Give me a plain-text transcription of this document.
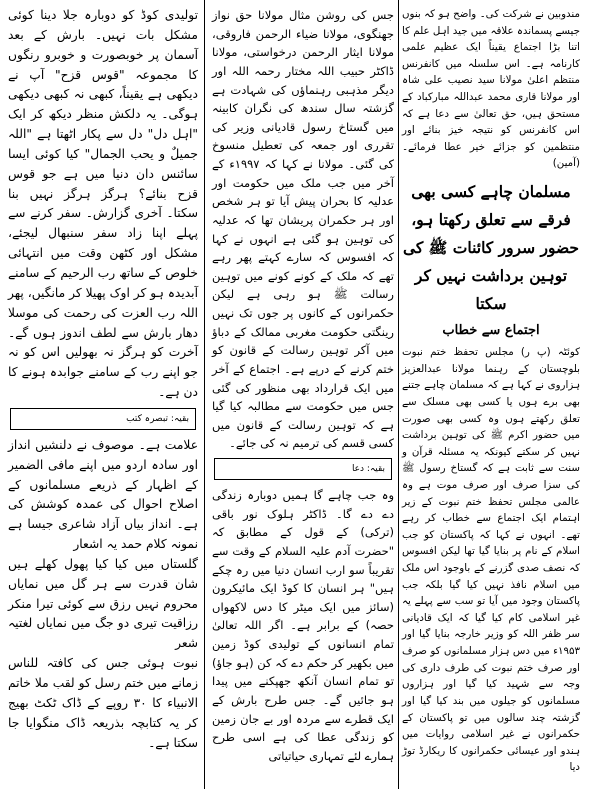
مندوبین نے شرکت کی۔ واضح ہو کہ بنوں جیسے پسماندہ علاقہ میں جید اہل علم کا اتنا بڑا اجتماع یقیناً ایک عظیم علمی کارنامہ ہے۔ اس سلسلہ میں کانفرنس منتظم اعلیٰ مولانا سید نصیب علی شاہ اور مولانا قاری محمد عبداللہ مبارکباد کے مستحق ہیں، حق تعالیٰ سے دعا ہے کہ اس کانفرنس کو نتیجہ خیز بنائے اور منتظمین کو جزائے خیر عطا فرمائے۔ (آمین)

مسلمان چاہے کسی بھی فرقے سے تعلق رکھتا ہو، حضور سرور کائنات ﷺ کی توہین برداشت نہیں کر سکتا
اجتماع سے خطاب

کوئٹہ (پ ر) مجلس تحفظ ختم نبوت بلوچستان کے رہنما مولانا عبدالعزیز ہزاروی نے کہا ہے کہ مسلمان چاہے جتنے بھی برے ہوں یا کسی بھی مسلک سے تعلق رکھتے ہوں وہ کسی بھی صورت میں حضور اکرم ﷺ کی توہین برداشت نہیں کر سکتے کیونکہ یہ مسئلہ قرآن و سنت سے ثابت ہے کہ گستاخ رسول ﷺ کی سزا صرف اور صرف موت ہے وہ عالمی مجلس تحفظ ختم نبوت کے زیر اہتمام ایک اجتماع سے خطاب کر رہے تھے۔ انہوں نے کہا کہ پاکستان کو جب اسلام کے نام پر بنایا گیا تھا لیکن افسوس کہ نصف صدی گزرنے کے باوجود اس ملک میں اسلام نافذ نہیں کیا گیا بلکہ جب پاکستان وجود میں آیا تو سب سے پہلے یہ غیر اسلامی کام کیا گیا کہ ایک قادیانی سر ظفر اللہ کو وزیر خارجہ بنایا گیا اور ۱۹۵۳ء میں دس ہزار مسلمانوں کو صرف اور صرف ختم نبوت کی طرف داری کی وجہ سے شہید کیا گیا اور ہزاروں مسلمانوں کو جیلوں میں بند کیا گیا اور گزشتہ چند سالوں میں تو پاکستان کے حکمرانوں نے غیر اسلامی روایات میں ہندو اور عیسائی حکمرانوں کا ریکارڈ توڑ دیا

جس کی روشن مثال مولانا حق نواز جھنگوی، مولانا ضیاء الرحمن فاروقی، مولانا ایثار الرحمن درخواستی، مولانا ڈاکٹر حبیب اللہ مختار رحمہ اللہ اور دیگر مذہبی رہنماؤں کی شہادت ہے گزشتہ سال سندھ کی نگران کابینہ میں گستاخ رسول قادیانی وزیر کی تقرری اور جمعہ کی تعطیل منسوخ کی گئی۔ مولانا نے کہا کہ ۱۹۹۷ء کے آخر میں جب ملک میں حکومت اور عدلیہ کا بحران پیش آیا تو ہر شخص اور ہر حکمران پریشان تھا کہ عدلیہ کی توہین ہو گئی ہے انہوں نے کہا کہ افسوس کہ سارے کہتے پھر رہے تھے کہ ملک کے کونے کونے میں توہین رسالت ﷺ ہو رہی ہے لیکن حکمرانوں کے کانوں پر جوں تک نہیں رینگتی حکومت مغربی ممالک کے دباؤ میں آکر توہین رسالت کے قانون کو ختم کرنے کے درپے ہے۔ اجتماع کے آخر میں ایک قرارداد بھی منظور کی گئی جس میں حکومت سے مطالبہ کیا گیا ہے کہ توہین رسالت کے قانون میں کسی قسم کی ترمیم نہ کی جائے۔

بقیہ: دعا

وہ جب چاہے گا ہمیں دوبارہ زندگی دے دے گا۔ ڈاکٹر ہلوک نور باقی (ترکی) کے قول کے مطابق کہ "حضرت آدم علیہ السلام کے وقت سے تقریباً سو ارب انسان دنیا میں رہ چکے ہیں" ہر انسان کا کوڈ ایک مائیکرون (سائز میں ایک میٹر کا دس لاکھواں حصہ) کے برابر ہے۔ اگر اللہ تعالیٰ تمام انسانوں کے تولیدی کوڈ زمین میں بکھیر کر حکم دے کہ کن (ہو جاؤ) تو تمام انسان آنکھ جھپکنے میں پیدا ہو جائیں گے۔ جس طرح بارش کے ایک قطرے سے مردہ اور بے جان زمین کو زندگی عطا کی ہے اسی طرح ہمارے لئے تمہاری حیاتیاتی

تولیدی کوڈ کو دوبارہ جلا دینا کوئی مشکل بات نہیں۔ بارش کے بعد آسمان پر خوبصورت و خوبرو رنگوں کا مجموعہ "قوس قزح" آپ نے دیکھی ہے یقیناً، کبھی نہ کبھی دیکھی ہوگی۔ یہ دلکش منظر دیکھ کر ایک "اہل دل" دل سے پکار اٹھتا ہے "اللہ جمیلٌ و یحب الجمال" کیا کوئی ایسا سائنس دان دنیا میں ہے جو قوس قزح بنائے؟ ہرگز ہرگز نہیں بنا سکتا۔ آخری گزارش۔ سفر کرنے سے پہلے اپنا زاد سفر سنبھال لیجئے، مشکل اور کٹھن وقت میں انتہائی خلوص کے ساتھ رب الرحیم کے سامنے آبدیدہ ہو کر اوک پھیلا کر مانگیں، پھر اللہ رب العزت کی رحمت کی موسلا دھار بارش سے لطف اندوز ہوں گے۔ آخرت کو ہرگز نہ بھولیں اس کو نہ جو اپنے رب کے سامنے جوابدہ ہونے کا دن ہے۔

بقیہ: تبصرہ کتب

علامت ہے۔ موصوف نے دلنشیں انداز اور سادہ اردو میں اپنے مافی الضمیر کے اظہار کے ذریعے مسلمانوں کے اصلاح احوال کی عمدہ کوشش کی ہے۔ انداز بیاں آزاد شاعری جیسا ہے نمونہ کلام حمد یہ اشعار

گلستاں میں کیا کیا پھول کھلے ہیں شان قدرت سے ہر گل میں نمایاں محروم نہیں رزق سے کوئی تیرا منکر رزاقیت تیری دو جگ میں نمایاں لغتیہ شعر

نبوت ہوئی جس کی کافتہ للناس زمانے میں ختم رسل کو لقب ملا خاتم الانبیاء کا ۳۰ روپے کے ڈاک ٹکٹ بھیج کر یہ کتابچہ بذریعہ ڈاک منگوایا جا سکتا ہے۔
